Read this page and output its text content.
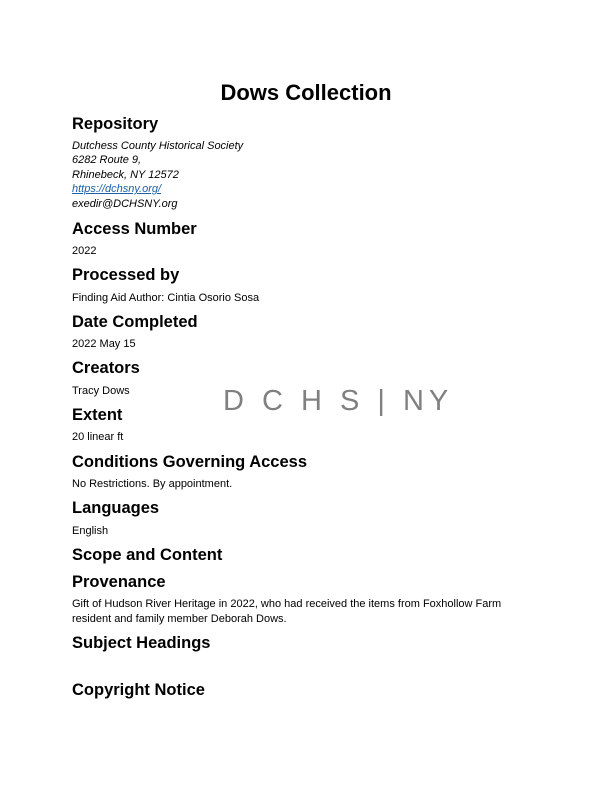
Dows Collection
Repository
Dutchess County Historical Society
6282 Route 9,
Rhinebeck, NY 12572
https://dchsny.org/
exedir@DCHSNY.org
Access Number
2022
Processed by
Finding Aid Author: Cintia Osorio Sosa
Date Completed
2022 May 15
Creators
Tracy Dows	D C H S | NY
Extent
20 linear ft
Conditions Governing Access
No Restrictions. By appointment.
Languages
English
Scope and Content
Provenance
Gift of Hudson River Heritage in 2022, who had received the items from Foxhollow Farm
resident and family member Deborah Dows.
Subject Headings
Copyright Notice
